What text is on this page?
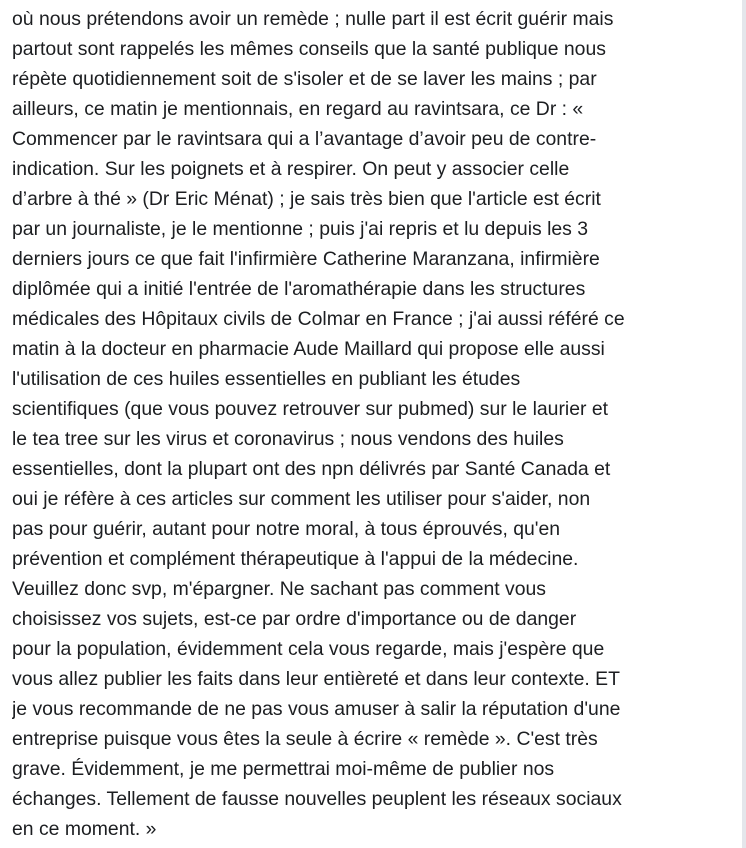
où nous prétendons avoir un remède ; nulle part il est écrit guérir mais
partout sont rappelés les mêmes conseils que la santé publique nous
répète quotidiennement soit de s'isoler et de se laver les mains ; par
ailleurs, ce matin je mentionnais, en regard au ravintsara, ce Dr : «
Commencer par le ravintsara qui a l’avantage d’avoir peu de contre-
indication. Sur les poignets et à respirer. On peut y associer celle
d’arbre à thé » (Dr Eric Ménat) ; je sais très bien que l'article est écrit
par un journaliste, je le mentionne ; puis j'ai repris et lu depuis les 3
derniers jours ce que fait l'infirmière Catherine Maranzana, infirmière
diplômée qui a initié l'entrée de l'aromathérapie dans les structures
médicales des Hôpitaux civils de Colmar en France ; j'ai aussi référé ce
matin à la docteur en pharmacie Aude Maillard qui propose elle aussi
l'utilisation de ces huiles essentielles en publiant les études
scientifiques (que vous pouvez retrouver sur pubmed) sur le laurier et
le tea tree sur les virus et coronavirus ; nous vendons des huiles
essentielles, dont la plupart ont des npn délivrés par Santé Canada et
oui je réfère à ces articles sur comment les utiliser pour s'aider, non
pas pour guérir, autant pour notre moral, à tous éprouvés, qu'en
prévention et complément thérapeutique à l'appui de la médecine.
Veuillez donc svp, m'épargner. Ne sachant pas comment vous
choisissez vos sujets, est-ce par ordre d'importance ou de danger
pour la population, évidemment cela vous regarde, mais j'espère que
vous allez publier les faits dans leur entièreté et dans leur contexte. ET
je vous recommande de ne pas vous amuser à salir la réputation d'une
entreprise puisque vous êtes la seule à écrire « remède ». C'est très
grave. Évidemment, je me permettrai moi-même de publier nos
échanges. Tellement de fausse nouvelles peuplent les réseaux sociaux
en ce moment. »
